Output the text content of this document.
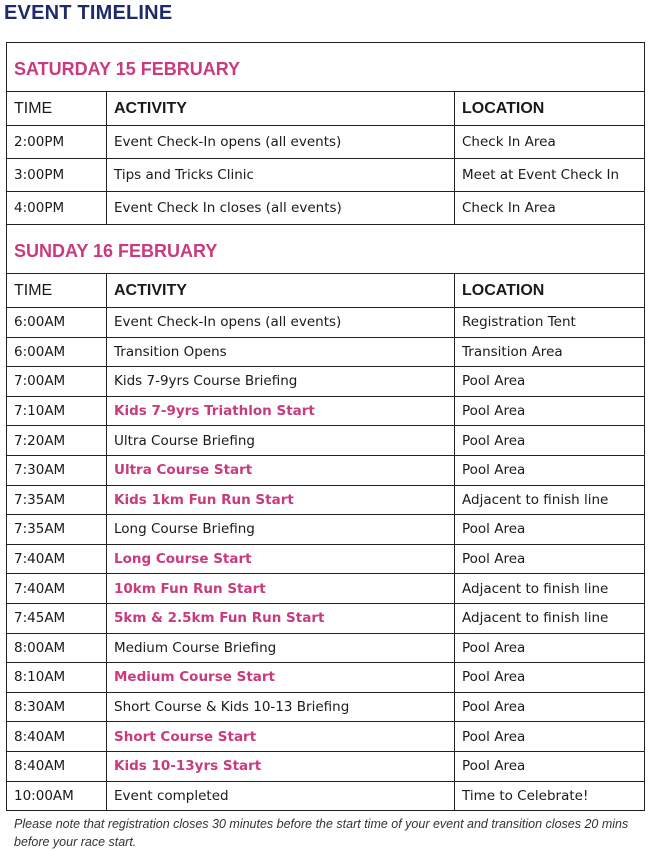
EVENT TIMELINE
SATURDAY 15 FEBRUARY		
TIME	ACTIVITY	LOCATION
2:00PM	Event Check-In opens (all events)	Check In Area
3:00PM	Tips and Tricks Clinic	Meet at Event Check In
4:00PM	Event Check In closes (all events)	Check In Area
SUNDAY 16 FEBRUARY		
TIME	ACTIVITY	LOCATION
6:00AM	Event Check-In opens (all events)	Registration Tent
6:00AM	Transition Opens	Transition Area
7:00AM	Kids 7-9yrs Course Briefing	Pool Area
7:10AM	Kids 7-9yrs Triathlon Start	Pool Area
7:20AM	Ultra Course Briefing	Pool Area
7:30AM	Ultra Course Start	Pool Area
7:35AM	Kids 1km Fun Run Start	Adjacent to finish line
7:35AM	Long Course Briefing	Pool Area
7:40AM	Long Course Start	Pool Area
7:40AM	10km Fun Run Start	Adjacent to finish line
7:45AM	5km & 2.5km Fun Run Start	Adjacent to finish line
8:00AM	Medium Course Briefing	Pool Area
8:10AM	Medium Course Start	Pool Area
8:30AM	Short Course & Kids 10-13 Briefing	Pool Area
8:40AM	Short Course Start	Pool Area
8:40AM	Kids 10-13yrs Start	Pool Area
10:00AM	Event completed	Time to Celebrate!

Please note that registration closes 30 minutes before the start time of your event and transition closes 20 mins before your race start.
